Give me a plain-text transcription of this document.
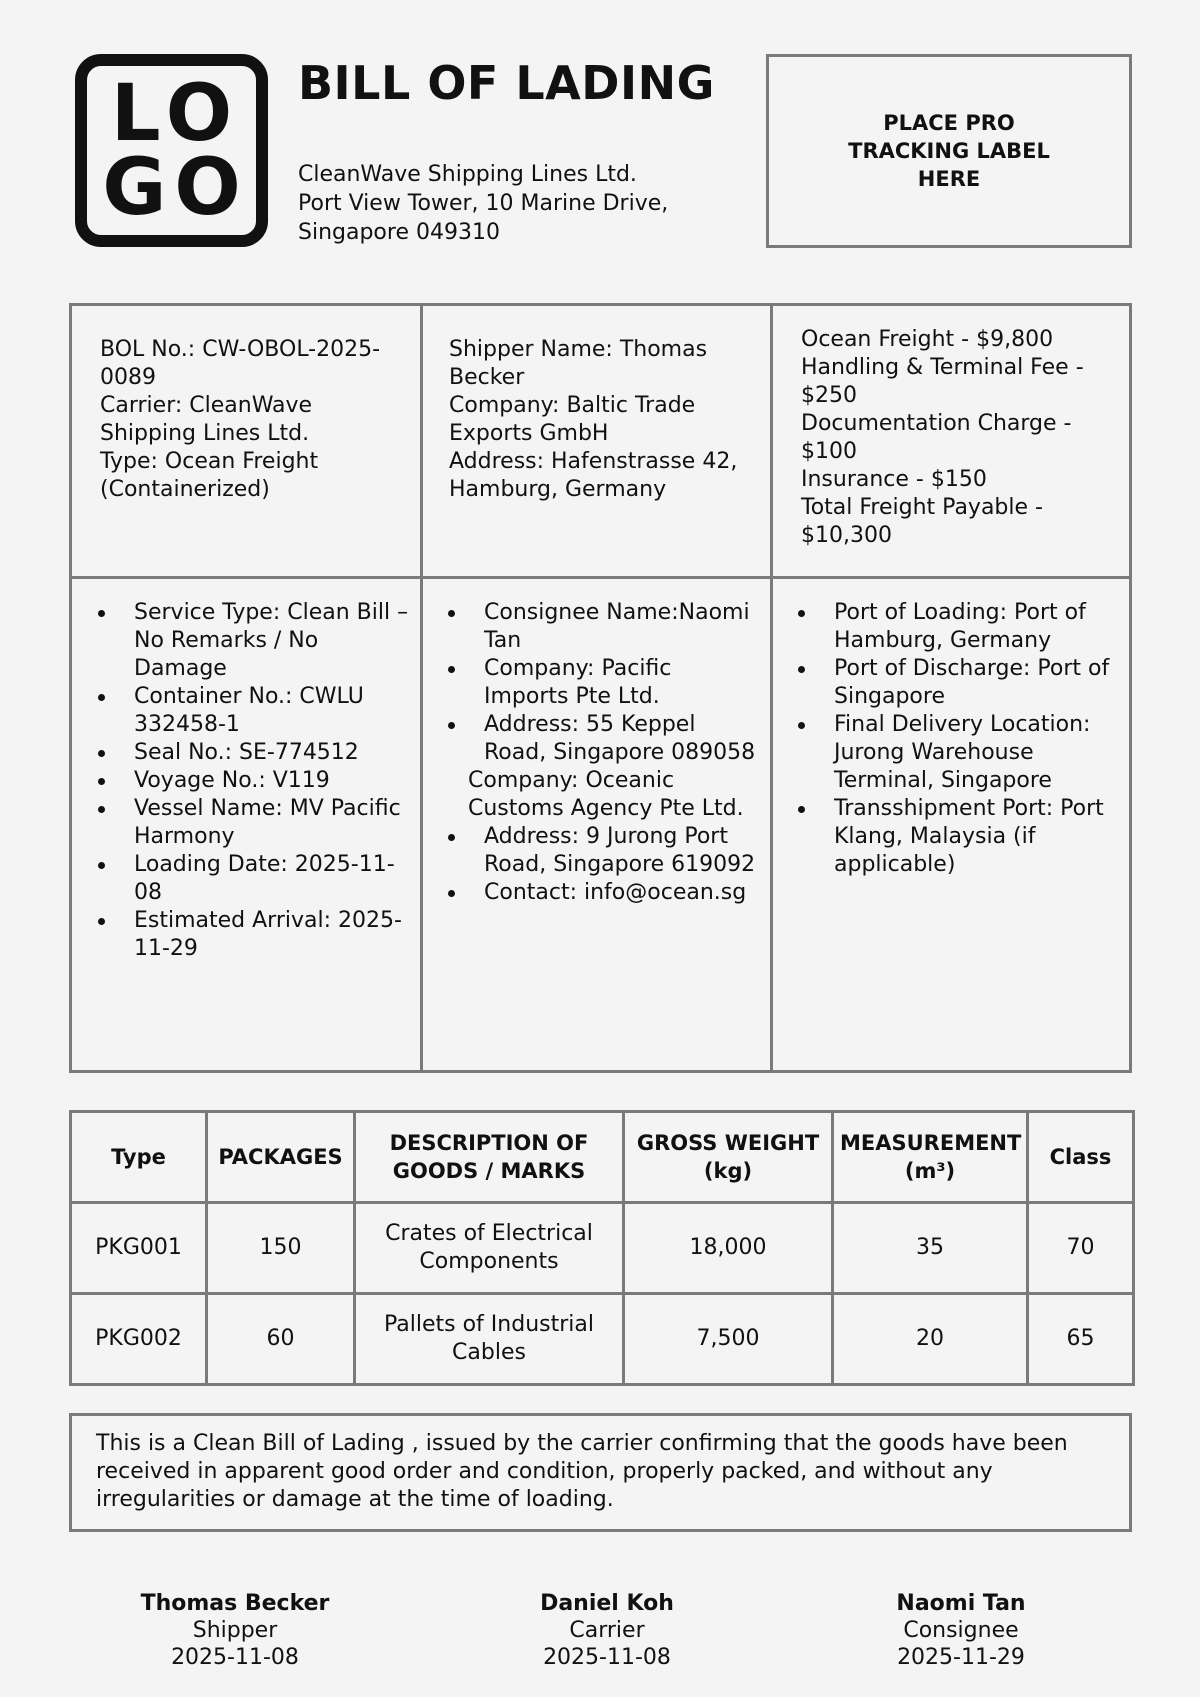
LO
GO
BILL OF LADING
CleanWave Shipping Lines Ltd.
Port View Tower, 10 Marine Drive,
Singapore 049310
PLACE PRO TRACKING LABEL HERE
BOL No.: CW-OBOL-2025-0089
Carrier: CleanWave Shipping Lines Ltd.
Type: Ocean Freight (Containerized)
Shipper Name: Thomas Becker
Company: Baltic Trade Exports GmbH
Address: Hafenstrasse 42, Hamburg, Germany
Ocean Freight - $9,800
Handling & Terminal Fee - $250
Documentation Charge - $100
Insurance - $150
Total Freight Payable - $10,300
Service Type: Clean Bill – No Remarks / No Damage
Container No.: CWLU 332458-1
Seal No.: SE-774512
Voyage No.: V119
Vessel Name: MV Pacific Harmony
Loading Date: 2025-11-08
Estimated Arrival: 2025-11-29
Consignee Name:Naomi Tan
Company: Pacific Imports Pte Ltd.
Address: 55 Keppel Road, Singapore 089058
Company: Oceanic Customs Agency Pte Ltd.
Address: 9 Jurong Port Road, Singapore 619092
Contact: info@ocean.sg
Port of Loading: Port of Hamburg, Germany
Port of Discharge: Port of Singapore
Final Delivery Location: Jurong Warehouse Terminal, Singapore
Transshipment Port: Port Klang, Malaysia (if applicable)
Type	PACKAGES	DESCRIPTION OF GOODS / MARKS	GROSS WEIGHT (kg)	MEASUREMENT (m³)	Class
PKG001	150	Crates of Electrical Components	18,000	35	70
PKG002	60	Pallets of Industrial Cables	7,500	20	65
This is a Clean Bill of Lading , issued by the carrier confirming that the goods have been received in apparent good order and condition, properly packed, and without any irregularities or damage at the time of loading.
Thomas Becker
Shipper
2025-11-08
Daniel Koh
Carrier
2025-11-08
Naomi Tan
Consignee
2025-11-29
